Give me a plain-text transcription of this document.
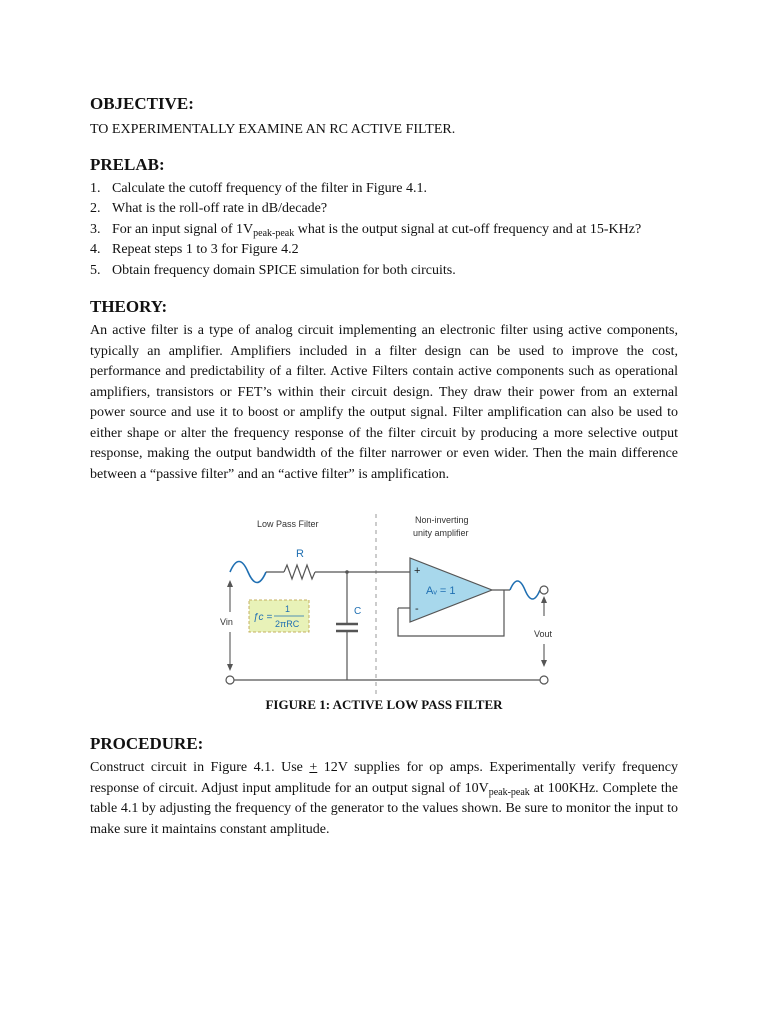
OBJECTIVE:

TO EXPERIMENTALLY EXAMINE AN RC ACTIVE FILTER.

PRELAB:
1. Calculate the cutoff frequency of the filter in Figure 4.1.
2. What is the roll-off rate in dB/decade?
3. For an input signal of $1V_{peak-peak}$ what is the output signal at cut-off frequency and at 15-KHz?
4. Repeat steps 1 to 3 for Figure 4.2
5. Obtain frequency domain SPICE simulation for both circuits.
THEORY:

An active filter is a type of analog circuit implementing an electronic filter using active components, typically an amplifier. Amplifiers included in a filter design can be used to improve the cost, performance and predictability of a filter. Active Filters contain active components such as operational amplifiers, transistors or FET’s within their circuit design. They draw their power from an external power source and use it to boost or amplify the output signal. Filter amplification can also be used to either shape or alter the frequency response of the filter circuit by producing a more selective output response, making the output bandwidth of the filter narrower or even wider. Then the main difference between a “passive filter” and an “active filter” is amplification.

Low Pass Filter	Non-inverting
unity amplifier
R
C
Vin ƒc =
1
2πRC
+
-
Aᵥ = 1
Vout
FIGURE 1: ACTIVE LOW PASS FILTER
PROCEDURE:

Construct circuit in Figure 4.1. Use + 12V supplies for op amps. Experimentally verify frequency response of circuit. Adjust input amplitude for an output signal of $10V_{peak-peak}$ at 100KHz. Complete the table 4.1 by adjusting the frequency of the generator to the values shown. Be sure to monitor the input to make sure it maintains constant amplitude.
